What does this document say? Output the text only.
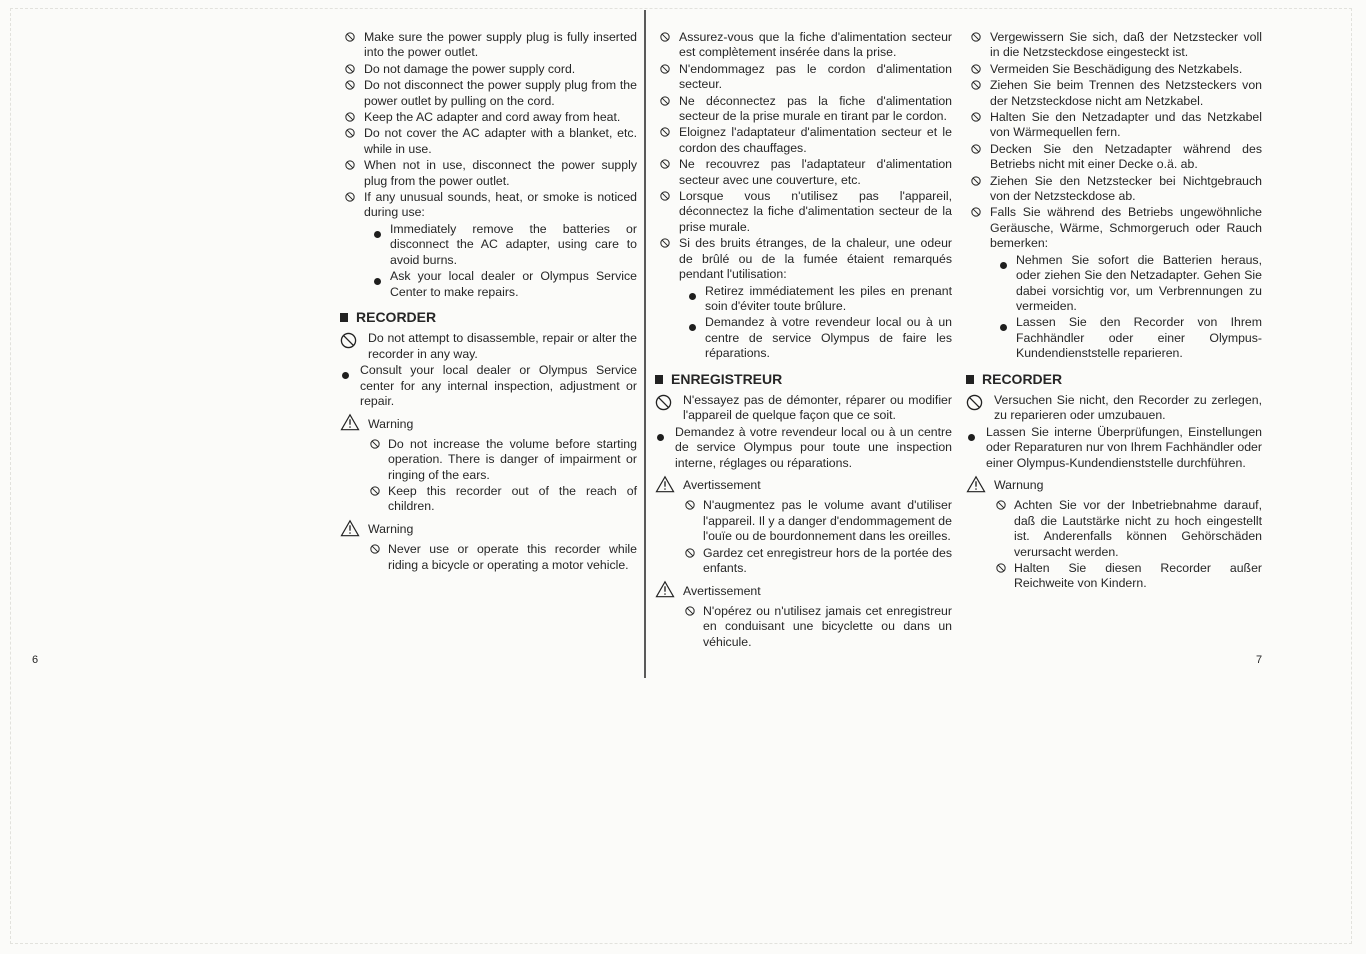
Make sure the power supply plug is fully inserted into the power outlet.
Do not damage the power supply cord.
Do not disconnect the power supply plug from the power outlet by pulling on the cord.
Keep the AC adapter and cord away from heat.
Do not cover the AC adapter with a blanket, etc. while in use.
When not in use, disconnect the power supply plug from the power outlet.
If any unusual sounds, heat, or smoke is noticed during use:
Immediately remove the batteries or disconnect the AC adapter, using care to avoid burns.
Ask your local dealer or Olympus Service Center to make repairs.
RECORDER
Do not attempt to disassemble, repair or alter the recorder in any way.
Consult your local dealer or Olympus Service center for any internal inspection, adjustment or repair.
Warning
Do not increase the volume before starting operation. There is danger of impairment or ringing of the ears.
Keep this recorder out of the reach of children.
Warning
Never use or operate this recorder while riding a bicycle or operating a motor vehicle.
Assurez-vous que la fiche d'alimentation secteur est complètement insérée dans la prise.
N'endommagez pas le cordon d'alimentation secteur.
Ne déconnectez pas la fiche d'alimentation secteur de la prise murale en tirant par le cordon.
Eloignez l'adaptateur d'alimentation secteur et le cordon des chauffages.
Ne recouvrez pas l'adaptateur d'alimentation secteur avec une couverture, etc.
Lorsque vous n'utilisez pas l'appareil, déconnectez la fiche d'alimentation secteur de la prise murale.
Si des bruits étranges, de la chaleur, une odeur de brûlé ou de la fumée étaient remarqués pendant l'utilisation:
Retirez immédiatement les piles en prenant soin d'éviter toute brûlure.
Demandez à votre revendeur local ou à un centre de service Olympus de faire les réparations.
ENREGISTREUR
N'essayez pas de démonter, réparer ou modifier l'appareil de quelque façon que ce soit.
Demandez à votre revendeur local ou à un centre de service Olympus pour toute une inspection interne, réglages ou réparations.
Avertissement
N'augmentez pas le volume avant d'utiliser l'appareil. Il y a danger d'endommagement de l'ouïe ou de bourdonnement dans les oreilles.
Gardez cet enregistreur hors de la portée des enfants.
Avertissement
N'opérez ou n'utilisez jamais cet enregistreur en conduisant une bicyclette ou dans un véhicule.
Vergewissern Sie sich, daß der Netzstecker voll in die Netzsteckdose eingesteckt ist.
Vermeiden Sie Beschädigung des Netzkabels.
Ziehen Sie beim Trennen des Netzsteckers von der Netzsteckdose nicht am Netzkabel.
Halten Sie den Netzadapter und das Netzkabel von Wärmequellen fern.
Decken Sie den Netzadapter während des Betriebs nicht mit einer Decke o.ä. ab.
Ziehen Sie den Netzstecker bei Nichtgebrauch von der Netzsteckdose ab.
Falls Sie während des Betriebs ungewöhnliche Geräusche, Wärme, Schmorgeruch oder Rauch bemerken:
Nehmen Sie sofort die Batterien heraus, oder ziehen Sie den Netzadapter. Gehen Sie dabei vorsichtig vor, um Verbrennungen zu vermeiden.
Lassen Sie den Recorder von Ihrem Fachhändler oder einer Olympus-Kundendienststelle reparieren.
RECORDER
Versuchen Sie nicht, den Recorder zu zerlegen, zu reparieren oder umzubauen.
Lassen Sie interne Überprüfungen, Einstellungen oder Reparaturen nur von Ihrem Fachhändler oder einer Olympus-Kundendienststelle durchführen.
Warnung
Achten Sie vor der Inbetriebnahme darauf, daß die Lautstärke nicht zu hoch eingestellt ist. Anderenfalls können Gehörschäden verursacht werden.
Halten Sie diesen Recorder außer Reichweite von Kindern.
6	7
